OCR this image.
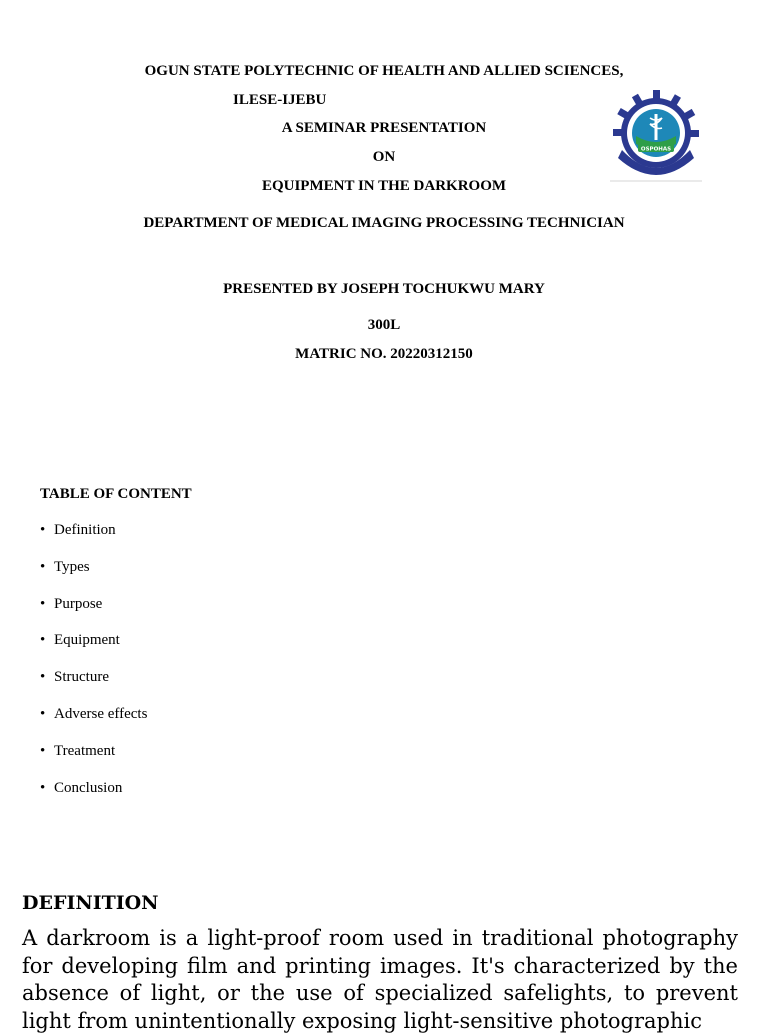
OGUN STATE POLYTECHNIC OF HEALTH AND ALLIED SCIENCES,
ILESE-IJEBU
A SEMINAR PRESENTATION
ON
EQUIPMENT IN THE DARKROOM
DEPARTMENT OF MEDICAL IMAGING PROCESSING TECHNICIAN
PRESENTED BY JOSEPH TOCHUKWU MARY
300L
MATRIC NO. 20220312150
OSPOHAS
TABLE OF CONTENT
• Definition
• Types
• Purpose
• Equipment
• Structure
• Adverse effects
• Treatment
• Conclusion
DEFINITION

A darkroom is a light-proof room used in traditional photography for developing film and printing images. It's characterized by the absence of light, or the use of specialized safelights, to prevent light from unintentionally exposing light-sensitive photographic
